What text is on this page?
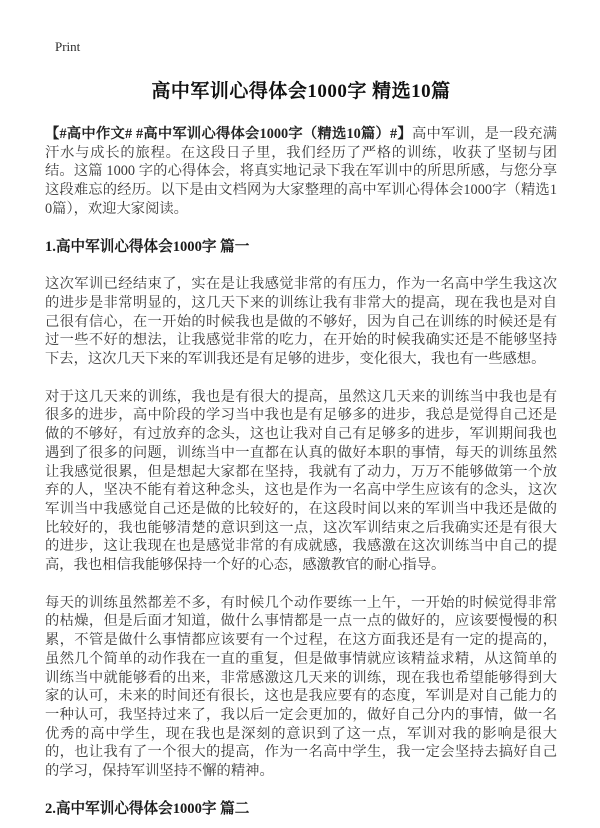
Print
高中军训心得体会1000字 精选10篇

【#高中作文# #高中军训心得体会1000字（精选10篇）#】高中军训，是一段充满汗水与成长的旅程。在这段日子里，我们经历了严格的训练，收获了坚韧与团结。这篇 1000 字的心得体会，将真实地记录下我在军训中的所思所感，与您分享这段难忘的经历。以下是由文档网为大家整理的高中军训心得体会1000字（精选10篇），欢迎大家阅读。

1.高中军训心得体会1000字 篇一

这次军训已经结束了，实在是让我感觉非常的有压力，作为一名高中学生我这次的进步是非常明显的，这几天下来的训练让我有非常大的提高，现在我也是对自己很有信心，在一开始的时候我也是做的不够好，因为自己在训练的时候还是有过一些不好的想法，让我感觉非常的吃力，在开始的时候我确实还是不能够坚持下去，这次几天下来的军训我还是有足够的进步，变化很大，我也有一些感想。

对于这几天来的训练，我也是有很大的提高，虽然这几天来的训练当中我也是有很多的进步，高中阶段的学习当中我也是有足够多的进步，我总是觉得自己还是做的不够好，有过放弃的念头，这也让我对自己有足够多的进步，军训期间我也遇到了很多的问题，训练当中一直都在认真的做好本职的事情，每天的训练虽然让我感觉很累，但是想起大家都在坚持，我就有了动力，万万不能够做第一个放弃的人，坚决不能有着这种念头，这也是作为一名高中学生应该有的念头，这次军训当中我感觉自己还是做的比较好的，在这段时间以来的军训当中我还是做的比较好的，我也能够清楚的意识到这一点，这次军训结束之后我确实还是有很大的进步，这让我现在也是感觉非常的有成就感，我感激在这次训练当中自己的提高，我也相信我能够保持一个好的心态，感激教官的耐心指导。

每天的训练虽然都差不多，有时候几个动作要练一上午，一开始的时候觉得非常的枯燥，但是后面才知道，做什么事情都是一点一点的做好的，应该要慢慢的积累，不管是做什么事情都应该要有一个过程，在这方面我还是有一定的提高的，虽然几个简单的动作我在一直的重复，但是做事情就应该精益求精，从这简单的训练当中就能够看的出来，非常感激这几天来的训练，现在我也希望能够得到大家的认可，未来的时间还有很长，这也是我应要有的态度，军训是对自己能力的一种认可，我坚持过来了，我以后一定会更加的，做好自己分内的事情，做一名优秀的高中学生，现在我也是深刻的意识到了这一点，军训对我的影响是很大的，也让我有了一个很大的提高，作为一名高中学生，我一定会坚持去搞好自己的学习，保持军训坚持不懈的精神。

2.高中军训心得体会1000字 篇二
